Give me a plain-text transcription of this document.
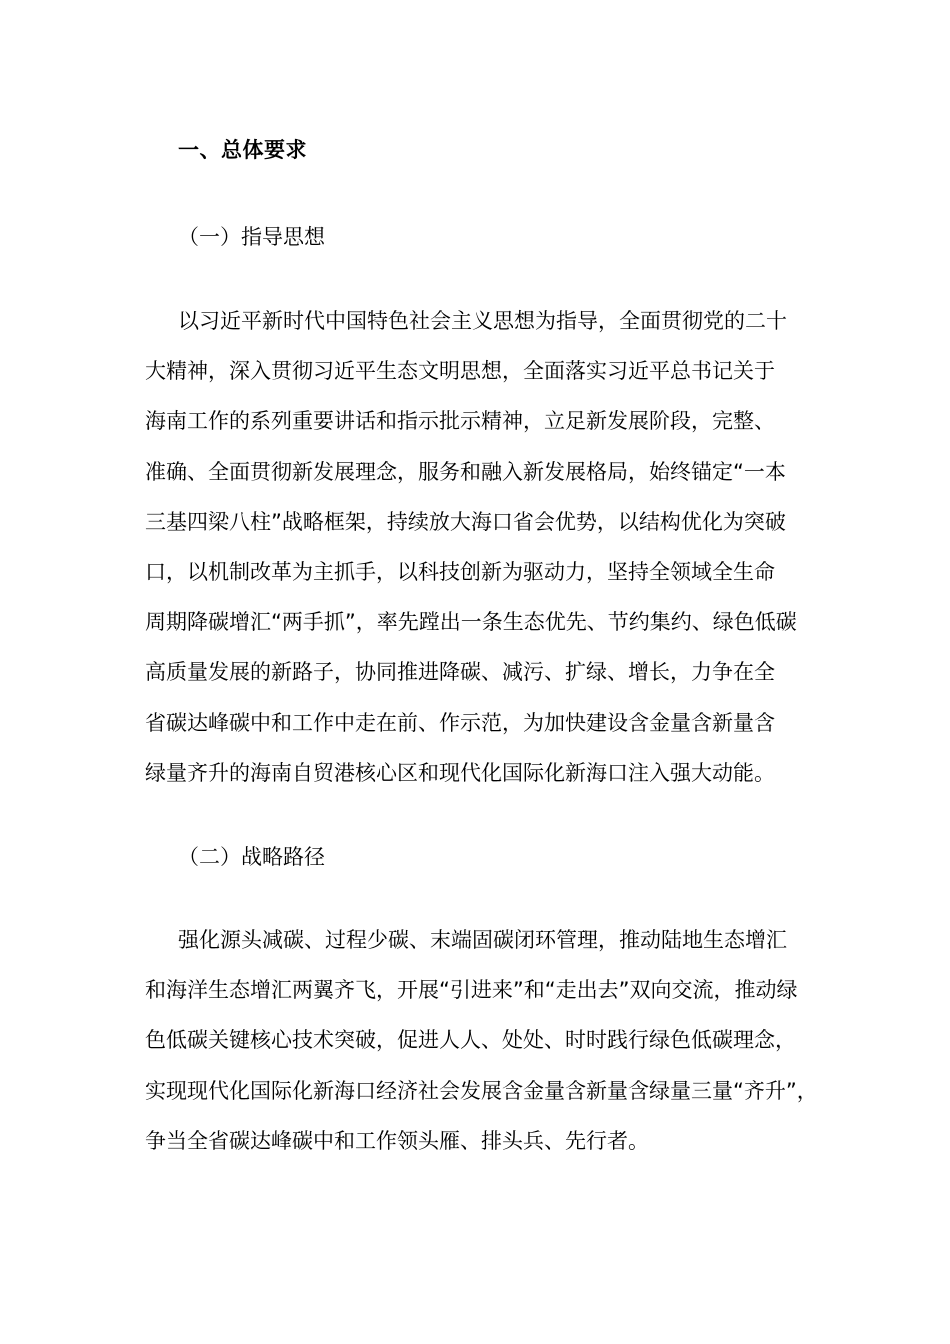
一、总体要求
（一）指导思想
以习近平新时代中国特色社会主义思想为指导，全面贯彻党的二十
大精神，深入贯彻习近平生态文明思想，全面落实习近平总书记关于
海南工作的系列重要讲话和指示批示精神，立足新发展阶段，完整、
准确、全面贯彻新发展理念，服务和融入新发展格局，始终锚定“一本
三基四梁八柱”战略框架，持续放大海口省会优势，以结构优化为突破
口，以机制改革为主抓手，以科技创新为驱动力，坚持全领域全生命
周期降碳增汇“两手抓”，率先蹚出一条生态优先、节约集约、绿色低碳
高质量发展的新路子，协同推进降碳、减污、扩绿、增长，力争在全
省碳达峰碳中和工作中走在前、作示范，为加快建设含金量含新量含
绿量齐升的海南自贸港核心区和现代化国际化新海口注入强大动能。
（二）战略路径
强化源头减碳、过程少碳、末端固碳闭环管理，推动陆地生态增汇
和海洋生态增汇两翼齐飞，开展“引进来”和“走出去”双向交流，推动绿
色低碳关键核心技术突破，促进人人、处处、时时践行绿色低碳理念，
实现现代化国际化新海口经济社会发展含金量含新量含绿量三量“齐升”，
争当全省碳达峰碳中和工作领头雁、排头兵、先行者。
